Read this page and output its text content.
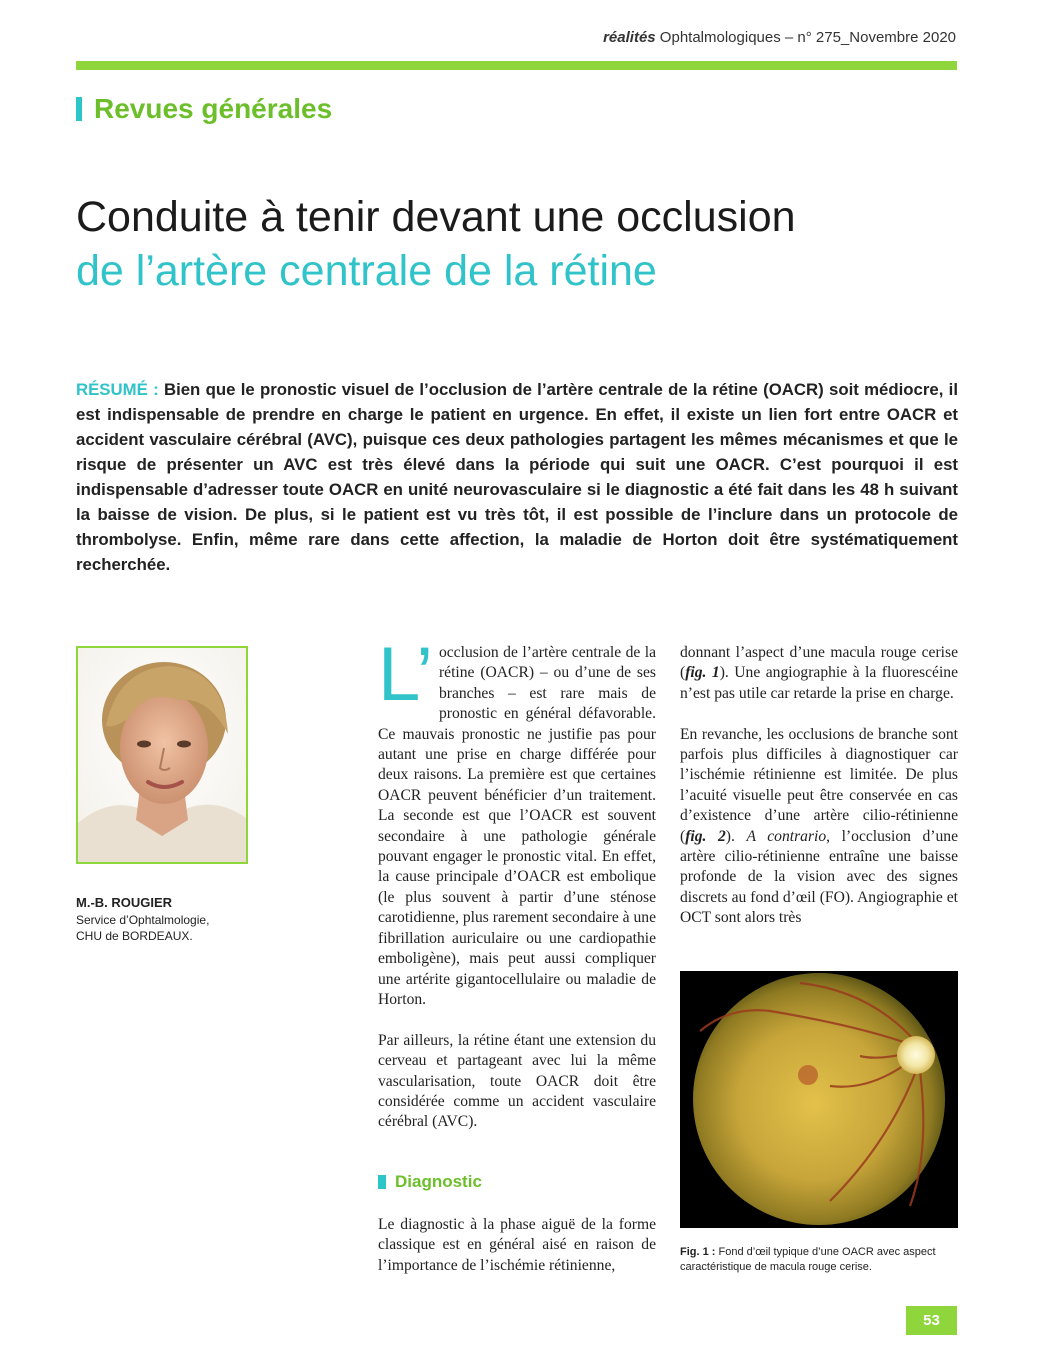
réalités Ophtalmologiques – n° 275_Novembre 2020
Revues générales
Conduite à tenir devant une occlusion
de l’artère centrale de la rétine
RÉSUMÉ : Bien que le pronostic visuel de l’occlusion de l’artère centrale de la rétine (OACR) soit médiocre, il est indispensable de prendre en charge le patient en urgence. En effet, il existe un lien fort entre OACR et accident vasculaire cérébral (AVC), puisque ces deux pathologies partagent les mêmes mécanismes et que le risque de présenter un AVC est très élevé dans la période qui suit une OACR. C’est pourquoi il est indispensable d’adresser toute OACR en unité neurovasculaire si le diagnostic a été fait dans les 48 h suivant la baisse de vision. De plus, si le patient est vu très tôt, il est possible de l’inclure dans un protocole de thrombolyse. Enfin, même rare dans cette affection, la maladie de Horton doit être systématiquement recherchée.
M.-B. ROUGIER
Service d’Ophtalmologie,
CHU de BORDEAUX.
L’ occlusion de l’artère centrale de la rétine (OACR) – ou d’une de ses branches – est rare mais de pronostic en général défavorable. Ce mauvais pronostic ne justifie pas pour autant une prise en charge différée pour deux raisons. La première est que certaines OACR peuvent bénéficier d’un traitement. La seconde est que l’OACR est souvent secondaire à une pathologie générale pouvant engager le pronostic vital. En effet, la cause principale d’OACR est embolique (le plus souvent à partir d’une sténose carotidienne, plus rarement secondaire à une fibrillation auriculaire ou une cardiopathie emboligène), mais peut aussi compliquer une artérite gigantocellulaire ou maladie de Horton.
Par ailleurs, la rétine étant une extension du cerveau et partageant avec lui la même vascularisation, toute OACR doit être considérée comme un accident vasculaire cérébral (AVC).
Diagnostic
Le diagnostic à la phase aiguë de la forme classique est en général aisé en raison de l’importance de l’ischémie rétinienne,
donnant l’aspect d’une macula rouge cerise (fig. 1). Une angiographie à la fluorescéine n’est pas utile car retarde la prise en charge.
En revanche, les occlusions de branche sont parfois plus difficiles à diagnostiquer car l’ischémie rétinienne est limitée. De plus l’acuité visuelle peut être conservée en cas d’existence d’une artère cilio-rétinienne (fig. 2). A contrario, l’occlusion d’une artère cilio-rétinienne entraîne une baisse profonde de la vision avec des signes discrets au fond d’œil (FO). Angiographie et OCT sont alors très
Fig. 1 : Fond d’œil typique d’une OACR avec aspect caractéristique de macula rouge cerise.
53
